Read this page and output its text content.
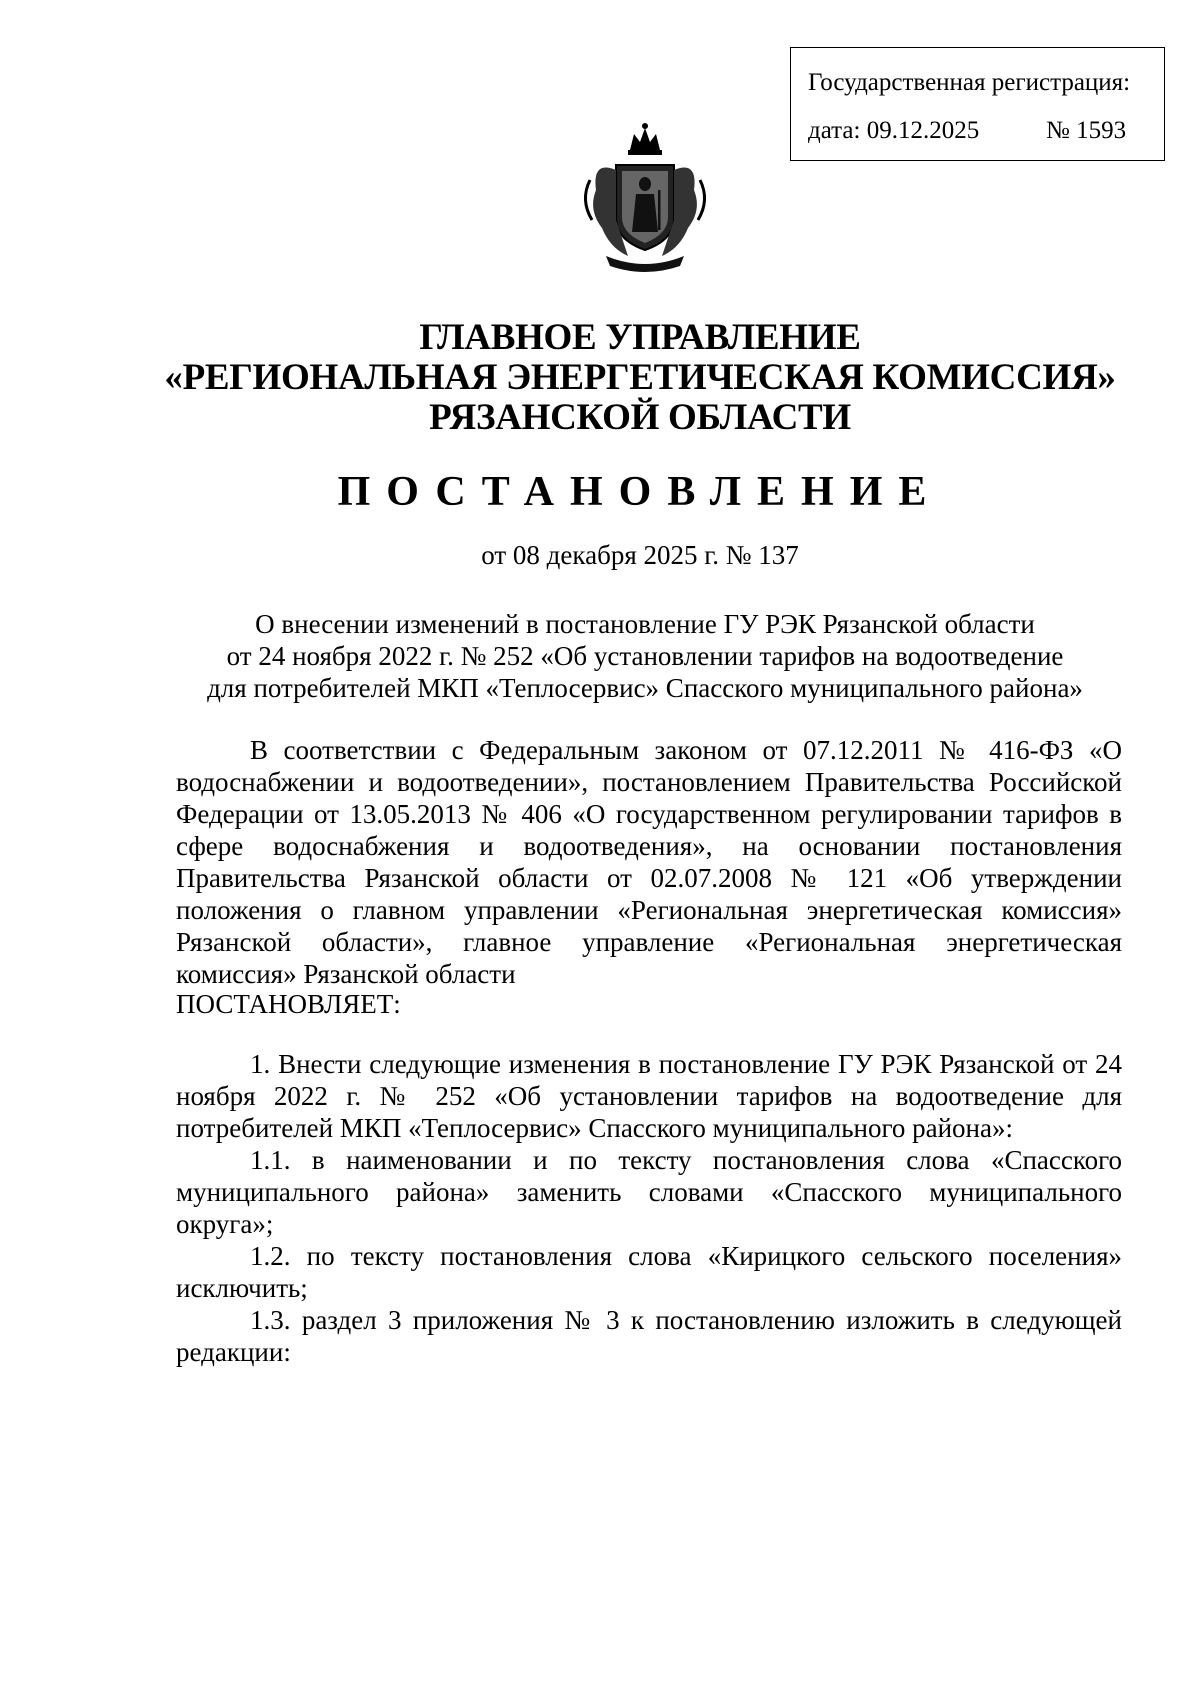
Государственная регистрация:
дата: 09.12.2025	№ 1593
ГЛАВНОЕ УПРАВЛЕНИЕ
«РЕГИОНАЛЬНАЯ ЭНЕРГЕТИЧЕСКАЯ КОМИССИЯ»
РЯЗАНСКОЙ ОБЛАСТИ
ПОСТАНОВЛЕНИЕ
от 08 декабря 2025 г. № 137
О внесении изменений в постановление ГУ РЭК Рязанской области
от 24 ноября 2022 г. № 252 «Об установлении тарифов на водоотведение
для потребителей МКП «Теплосервис» Спасского муниципального района»
В соответствии с Федеральным законом от 07.12.2011 № 416-ФЗ «О водоснабжении и водоотведении», постановлением Правительства Российской Федерации от 13.05.2013 № 406 «О государственном регулировании тарифов в сфере водоснабжения и водоотведения», на основании постановления Правительства Рязанской области от 02.07.2008 № 121 «Об утверждении положения о главном управлении «Региональная энергетическая комиссия» Рязанской области», главное управление «Региональная энергетическая комиссия» Рязанской области
ПОСТАНОВЛЯЕТ:

1. Внести следующие изменения в постановление ГУ РЭК Рязанской от 24 ноября 2022 г. № 252 «Об установлении тарифов на водоотведение для потребителей МКП «Теплосервис» Спасского муниципального района»:

1.1. в наименовании и по тексту постановления слова «Спасского муниципального района» заменить словами «Спасского муниципального округа»;

1.2. по тексту постановления слова «Кирицкого сельского поселения» исключить;

1.3. раздел 3 приложения № 3 к постановлению изложить в следующей редакции:
